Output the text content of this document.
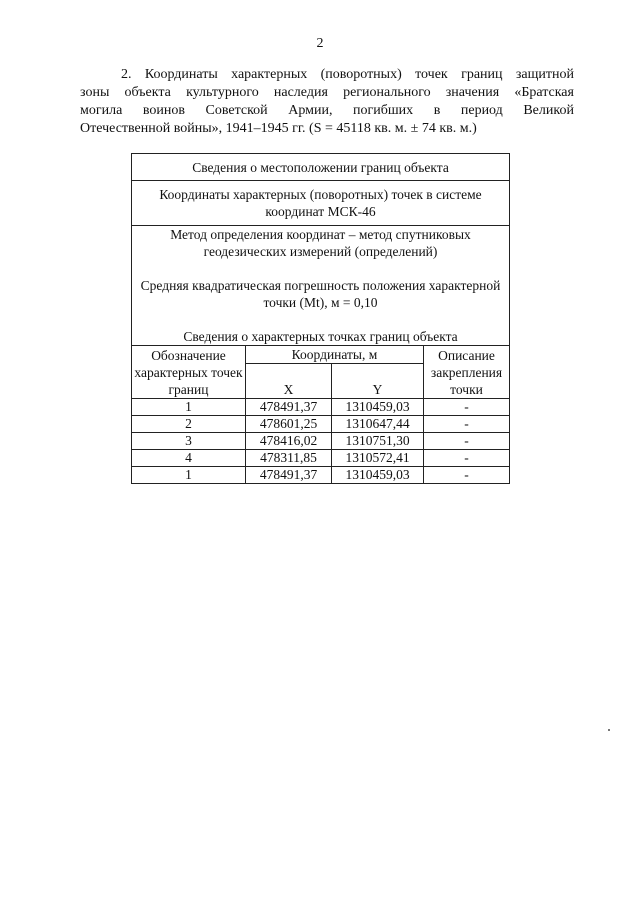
2
2. Координаты характерных (поворотных) точек границ защитной
зоны объекта культурного наследия регионального значения «Братская
могила воинов Советской Армии, погибших в период Великой
Отечественной войны», 1941–1945 гг. (S = 45118 кв. м. ± 74 кв. м.)
Сведения о местоположении границ объекта			
Координаты характерных (поворотных) точек в системе координат МСК-46			

Метод определения координат – метод спутниковых геодезических измерений (определений)

Средняя квадратическая погрешность положения характерной точки (Mt), м = 0,10

Сведения о характерных точках границ объекта			

Обозначение характерных точек границ	Координаты, м		Описание закрепления точки
	X	Y	
1	478491,37	1310459,03	-
2	478601,25	1310647,44	-
3	478416,02	1310751,30	-
4	478311,85	1310572,41	-
1	478491,37	1310459,03	-
